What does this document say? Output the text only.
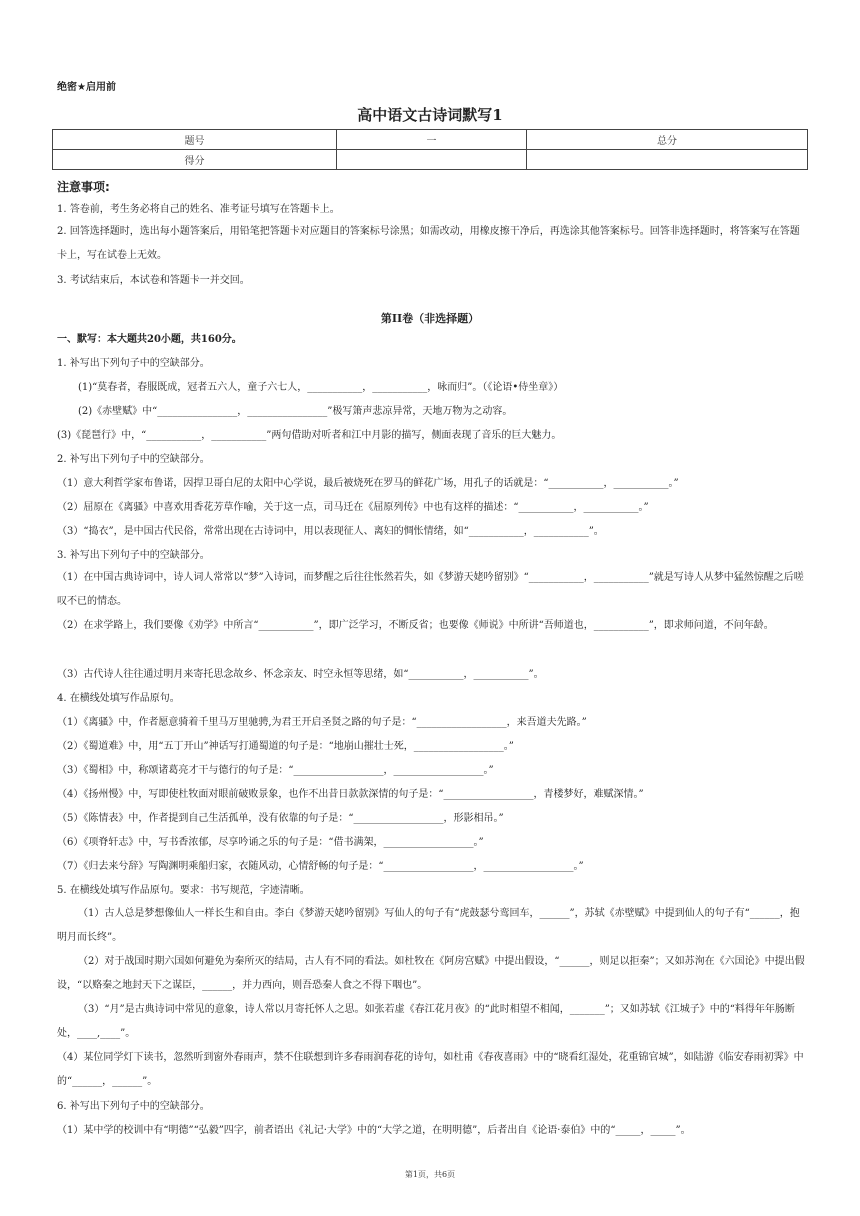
绝密★启用前
高中语文古诗词默写1
题号	一	总分
得分		
注意事项:
1. 答卷前，考生务必将自己的姓名、准考证号填写在答题卡上。
2. 回答选择题时，选出每小题答案后，用铅笔把答题卡对应题目的答案标号涂黑；如需改动，用橡皮擦干净后，再选涂其他答案标号。回答非选择题时，将答案写在答题卡上，写在试卷上无效。
3. 考试结束后，本试卷和答题卡一并交回。
第II卷（非选择题）
一、默写：本大题共20小题，共160分。
1. 补写出下列句子中的空缺部分。
(1)“莫春者，春服既成，冠者五六人，童子六七人，___________，___________，咏而归”。（《论语•侍坐章》）
(2)《赤壁赋》中“________________，________________”极写箫声悲凉异常，天地万物为之动容。
(3)《琵琶行》中，“___________，___________”两句借助对听者和江中月影的描写，侧面表现了音乐的巨大魅力。
2. 补写出下列句子中的空缺部分。
（1）意大利哲学家布鲁诺，因捍卫哥白尼的太阳中心学说，最后被烧死在罗马的鲜花广场，用孔子的话就是：“___________，___________。”
（2）屈原在《离骚》中喜欢用香花芳草作喻，关于这一点，司马迁在《屈原列传》中也有这样的描述：“___________，___________。”
（3）“捣衣”，是中国古代民俗，常常出现在古诗词中，用以表现征人、离妇的惆怅情绪，如“___________，___________”。
3. 补写出下列句子中的空缺部分。
（1）在中国古典诗词中，诗人词人常常以“梦”入诗词，而梦醒之后往往怅然若失，如《梦游天姥吟留别》“___________，___________”就是写诗人从梦中猛然惊醒之后嗟叹不已的情态。
（2）在求学路上，我们要像《劝学》中所言“___________”，即广泛学习，不断反省；也要像《师说》中所讲“吾师道也，___________”，即求师问道，不问年龄。
（3）古代诗人往往通过明月来寄托思念故乡、怀念亲友、时空永恒等思绪，如“___________，___________”。
4. 在横线处填写作品原句。
（1）《离骚》中，作者愿意骑着千里马万里驰骋,为君王开启圣贤之路的句子是：“__________________，来吾道夫先路。”
（2）《蜀道难》中，用“五丁开山”神话写打通蜀道的句子是：“地崩山摧壮士死，__________________。”
（3）《蜀相》中，称颂诸葛亮才干与德行的句子是：“__________________，__________________。”
（4）《扬州慢》中，写即使杜牧面对眼前破败景象，也作不出昔日款款深情的句子是：“__________________，青楼梦好，难赋深情。”
（5）《陈情表》中，作者提到自己生活孤单，没有依靠的句子是：“__________________，形影相吊。”
（6）《项脊轩志》中，写书香浓郁，尽享吟诵之乐的句子是：“借书满架，__________________。”
（7）《归去来兮辞》写陶渊明乘船归家，衣随风动，心情舒畅的句子是：“__________________，__________________。”
5. 在横线处填写作品原句。要求：书写规范，字迹清晰。
（1）古人总是梦想像仙人一样长生和自由。李白《梦游天姥吟留别》写仙人的句子有“虎鼓瑟兮鸾回车，______”，苏轼《赤壁赋》中提到仙人的句子有“______，抱明月而长终”。
（2）对于战国时期六国如何避免为秦所灭的结局，古人有不同的看法。如杜牧在《阿房宫赋》中提出假设，“______，则足以拒秦”；又如苏洵在《六国论》中提出假设，“以赂秦之地封天下之谋臣，______，并力西向，则吾恐秦人食之不得下咽也”。
（3）“月”是古典诗词中常见的意象，诗人常以月寄托怀人之思。如张若虚《春江花月夜》的“此时相望不相闻，_______”；又如苏轼《江城子》中的“料得年年肠断处，____,____”。
（4）某位同学灯下读书，忽然听到窗外春雨声，禁不住联想到许多春雨润春花的诗句，如杜甫《春夜喜雨》中的“晓看红湿处，花重锦官城”，如陆游《临安春雨初霁》中的“______，______”。
6. 补写出下列句子中的空缺部分。
（1）某中学的校训中有“明德”“弘毅”四字，前者语出《礼记·大学》中的“大学之道，在明明德”，后者出自《论语·泰伯》中的“_____，_____”。
第1页，共6页
